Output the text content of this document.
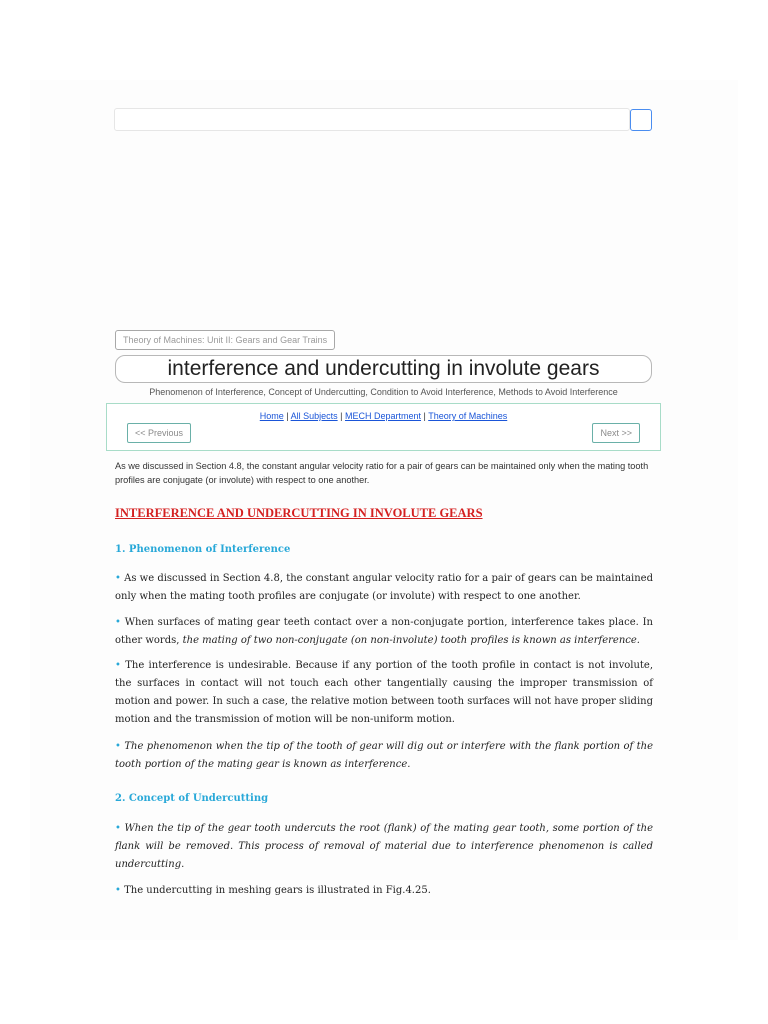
Theory of Machines: Unit II: Gears and Gear Trains
interference and undercutting in involute gears
Phenomenon of Interference, Concept of Undercutting, Condition to Avoid Interference, Methods to Avoid Interference
Home | All Subjects | MECH Department | Theory of Machines
<< Previous	Next >>
As we discussed in Section 4.8, the constant angular velocity ratio for a pair of gears can be maintained only when the mating tooth profiles are conjugate (or involute) with respect to one another.
INTERFERENCE AND UNDERCUTTING IN INVOLUTE GEARS
1. Phenomenon of Interference
• As we discussed in Section 4.8, the constant angular velocity ratio for a pair of gears can be maintained only when the mating tooth profiles are conjugate (or involute) with respect to one another.
• When surfaces of mating gear teeth contact over a non-conjugate portion, interference takes place. In other words, the mating of two non-conjugate (on non-involute) tooth profiles is known as interference.
• The interference is undesirable. Because if any portion of the tooth profile in contact is not involute, the surfaces in contact will not touch each other tangentially causing the improper transmission of motion and power. In such a case, the relative motion between tooth surfaces will not have proper sliding motion and the transmission of motion will be non-uniform motion.
• The phenomenon when the tip of the tooth of gear will dig out or interfere with the flank portion of the tooth portion of the mating gear is known as interference.
2. Concept of Undercutting
• When the tip of the gear tooth undercuts the root (flank) of the mating gear tooth, some portion of the flank will be removed. This process of removal of material due to interference phenomenon is called undercutting.
• The undercutting in meshing gears is illustrated in Fig.4.25.
